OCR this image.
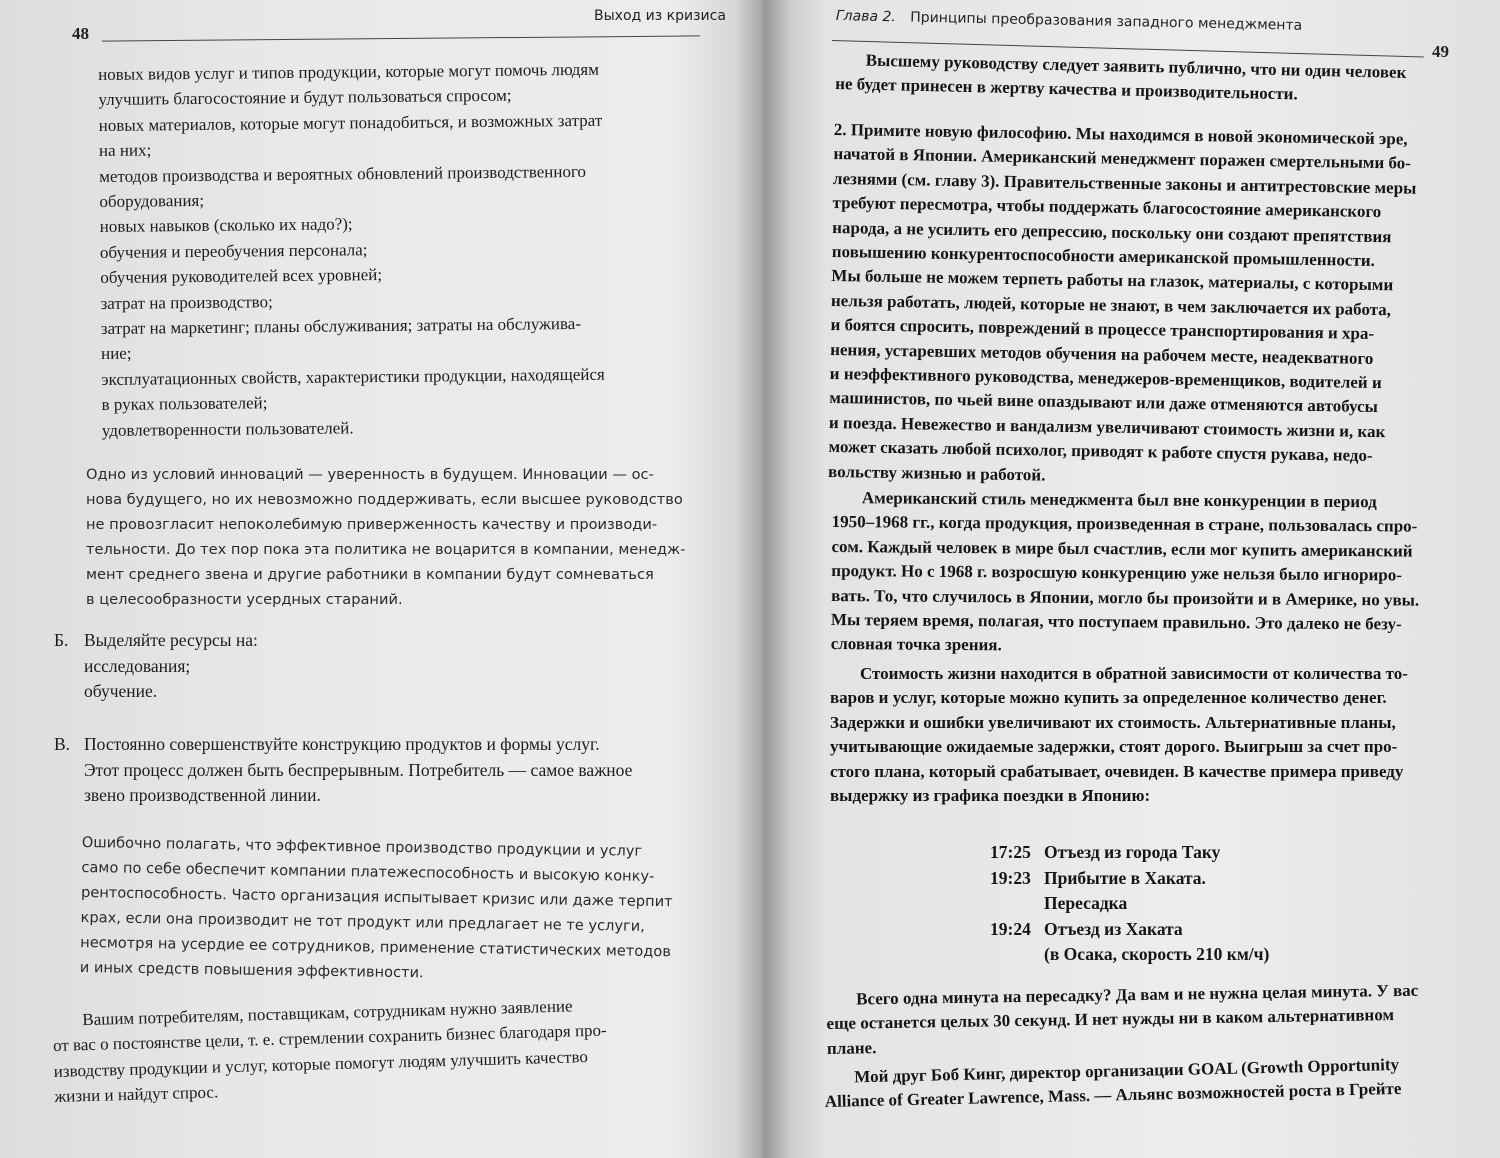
48
Выход из кризиса
новых видов услуг и типов продукции, которые могут помочь людям
улучшить благосостояние и будут пользоваться спросом;
новых материалов, которые могут понадобиться, и возможных затрат
на них;
методов производства и вероятных обновлений производственного
оборудования;
новых навыков (сколько их надо?);
обучения и переобучения персонала;
обучения руководителей всех уровней;
затрат на производство;
затрат на маркетинг; планы обслуживания; затраты на обслужива-
ние;
эксплуатационных свойств, характеристики продукции, находящейся
в руках пользователей;
удовлетворенности пользователей.
Одно из условий инноваций — уверенность в будущем. Инновации — ос-
нова будущего, но их невозможно поддерживать, если высшее руководство
не провозгласит непоколебимую приверженность качеству и производи-
тельности. До тех пор пока эта политика не воцарится в компании, менедж-
мент среднего звена и другие работники в компании будут сомневаться
в целесообразности усердных стараний.
Б. Выделяйте ресурсы на:
исследования;
обучение.
В. Постоянно совершенствуйте конструкцию продуктов и формы услуг.
Этот процесс должен быть беспрерывным. Потребитель — самое важное
звено производственной линии.
Ошибочно полагать, что эффективное производство продукции и услуг
само по себе обеспечит компании платежеспособность и высокую конку-
рентоспособность. Часто организация испытывает кризис или даже терпит
крах, если она производит не тот продукт или предлагает не те услуги,
несмотря на усердие ее сотрудников, применение статистических методов
и иных средств повышения эффективности.
Вашим потребителям, поставщикам, сотрудникам нужно заявление
от вас о постоянстве цели, т. е. стремлении сохранить бизнес благодаря про-
изводству продукции и услуг, которые помогут людям улучшить качество
жизни и найдут спрос.
Глава 2. Принципы преобразования западного менеджмента
49
Высшему руководству следует заявить публично, что ни один человек
не будет принесен в жертву качества и производительности.
2. Примите новую философию. Мы находимся в новой экономической эре,
начатой в Японии. Американский менеджмент поражен смертельными бо-
лезнями (см. главу 3). Правительственные законы и антитрестовские меры
требуют пересмотра, чтобы поддержать благосостояние американского
народа, а не усилить его депрессию, поскольку они создают препятствия
повышению конкурентоспособности американской промышленности.
Мы больше не можем терпеть работы на глазок, материалы, с которыми
нельзя работать, людей, которые не знают, в чем заключается их работа,
и боятся спросить, повреждений в процессе транспортирования и хра-
нения, устаревших методов обучения на рабочем месте, неадекватного
и неэффективного руководства, менеджеров-временщиков, водителей и
машинистов, по чьей вине опаздывают или даже отменяются автобусы
и поезда. Невежество и вандализм увеличивают стоимость жизни и, как
может сказать любой психолог, приводят к работе спустя рукава, недо-
вольству жизнью и работой.
Американский стиль менеджмента был вне конкуренции в период
1950–1968 гг., когда продукция, произведенная в стране, пользовалась спро-
сом. Каждый человек в мире был счастлив, если мог купить американский
продукт. Но с 1968 г. возросшую конкуренцию уже нельзя было игнориро-
вать. То, что случилось в Японии, могло бы произойти и в Америке, но увы.
Мы теряем время, полагая, что поступаем правильно. Это далеко не безу-
словная точка зрения.
Стоимость жизни находится в обратной зависимости от количества то-
варов и услуг, которые можно купить за определенное количество денег.
Задержки и ошибки увеличивают их стоимость. Альтернативные планы,
учитывающие ожидаемые задержки, стоят дорого. Выигрыш за счет про-
стого плана, который срабатывает, очевиден. В качестве примера приведу
выдержку из графика поездки в Японию:
17:25 Отъезд из города Таку
19:23 Прибытие в Хаката.
Пересадка
19:24 Отъезд из Хаката
(в Осака, скорость 210 км/ч)
Всего одна минута на пересадку? Да вам и не нужна целая минута. У вас
еще останется целых 30 секунд. И нет нужды ни в каком альтернативном
плане.
Мой друг Боб Кинг, директор организации GOAL (Growth Opportunity
Alliance of Greater Lawrence, Mass. — Альянс возможностей роста в Грейте
